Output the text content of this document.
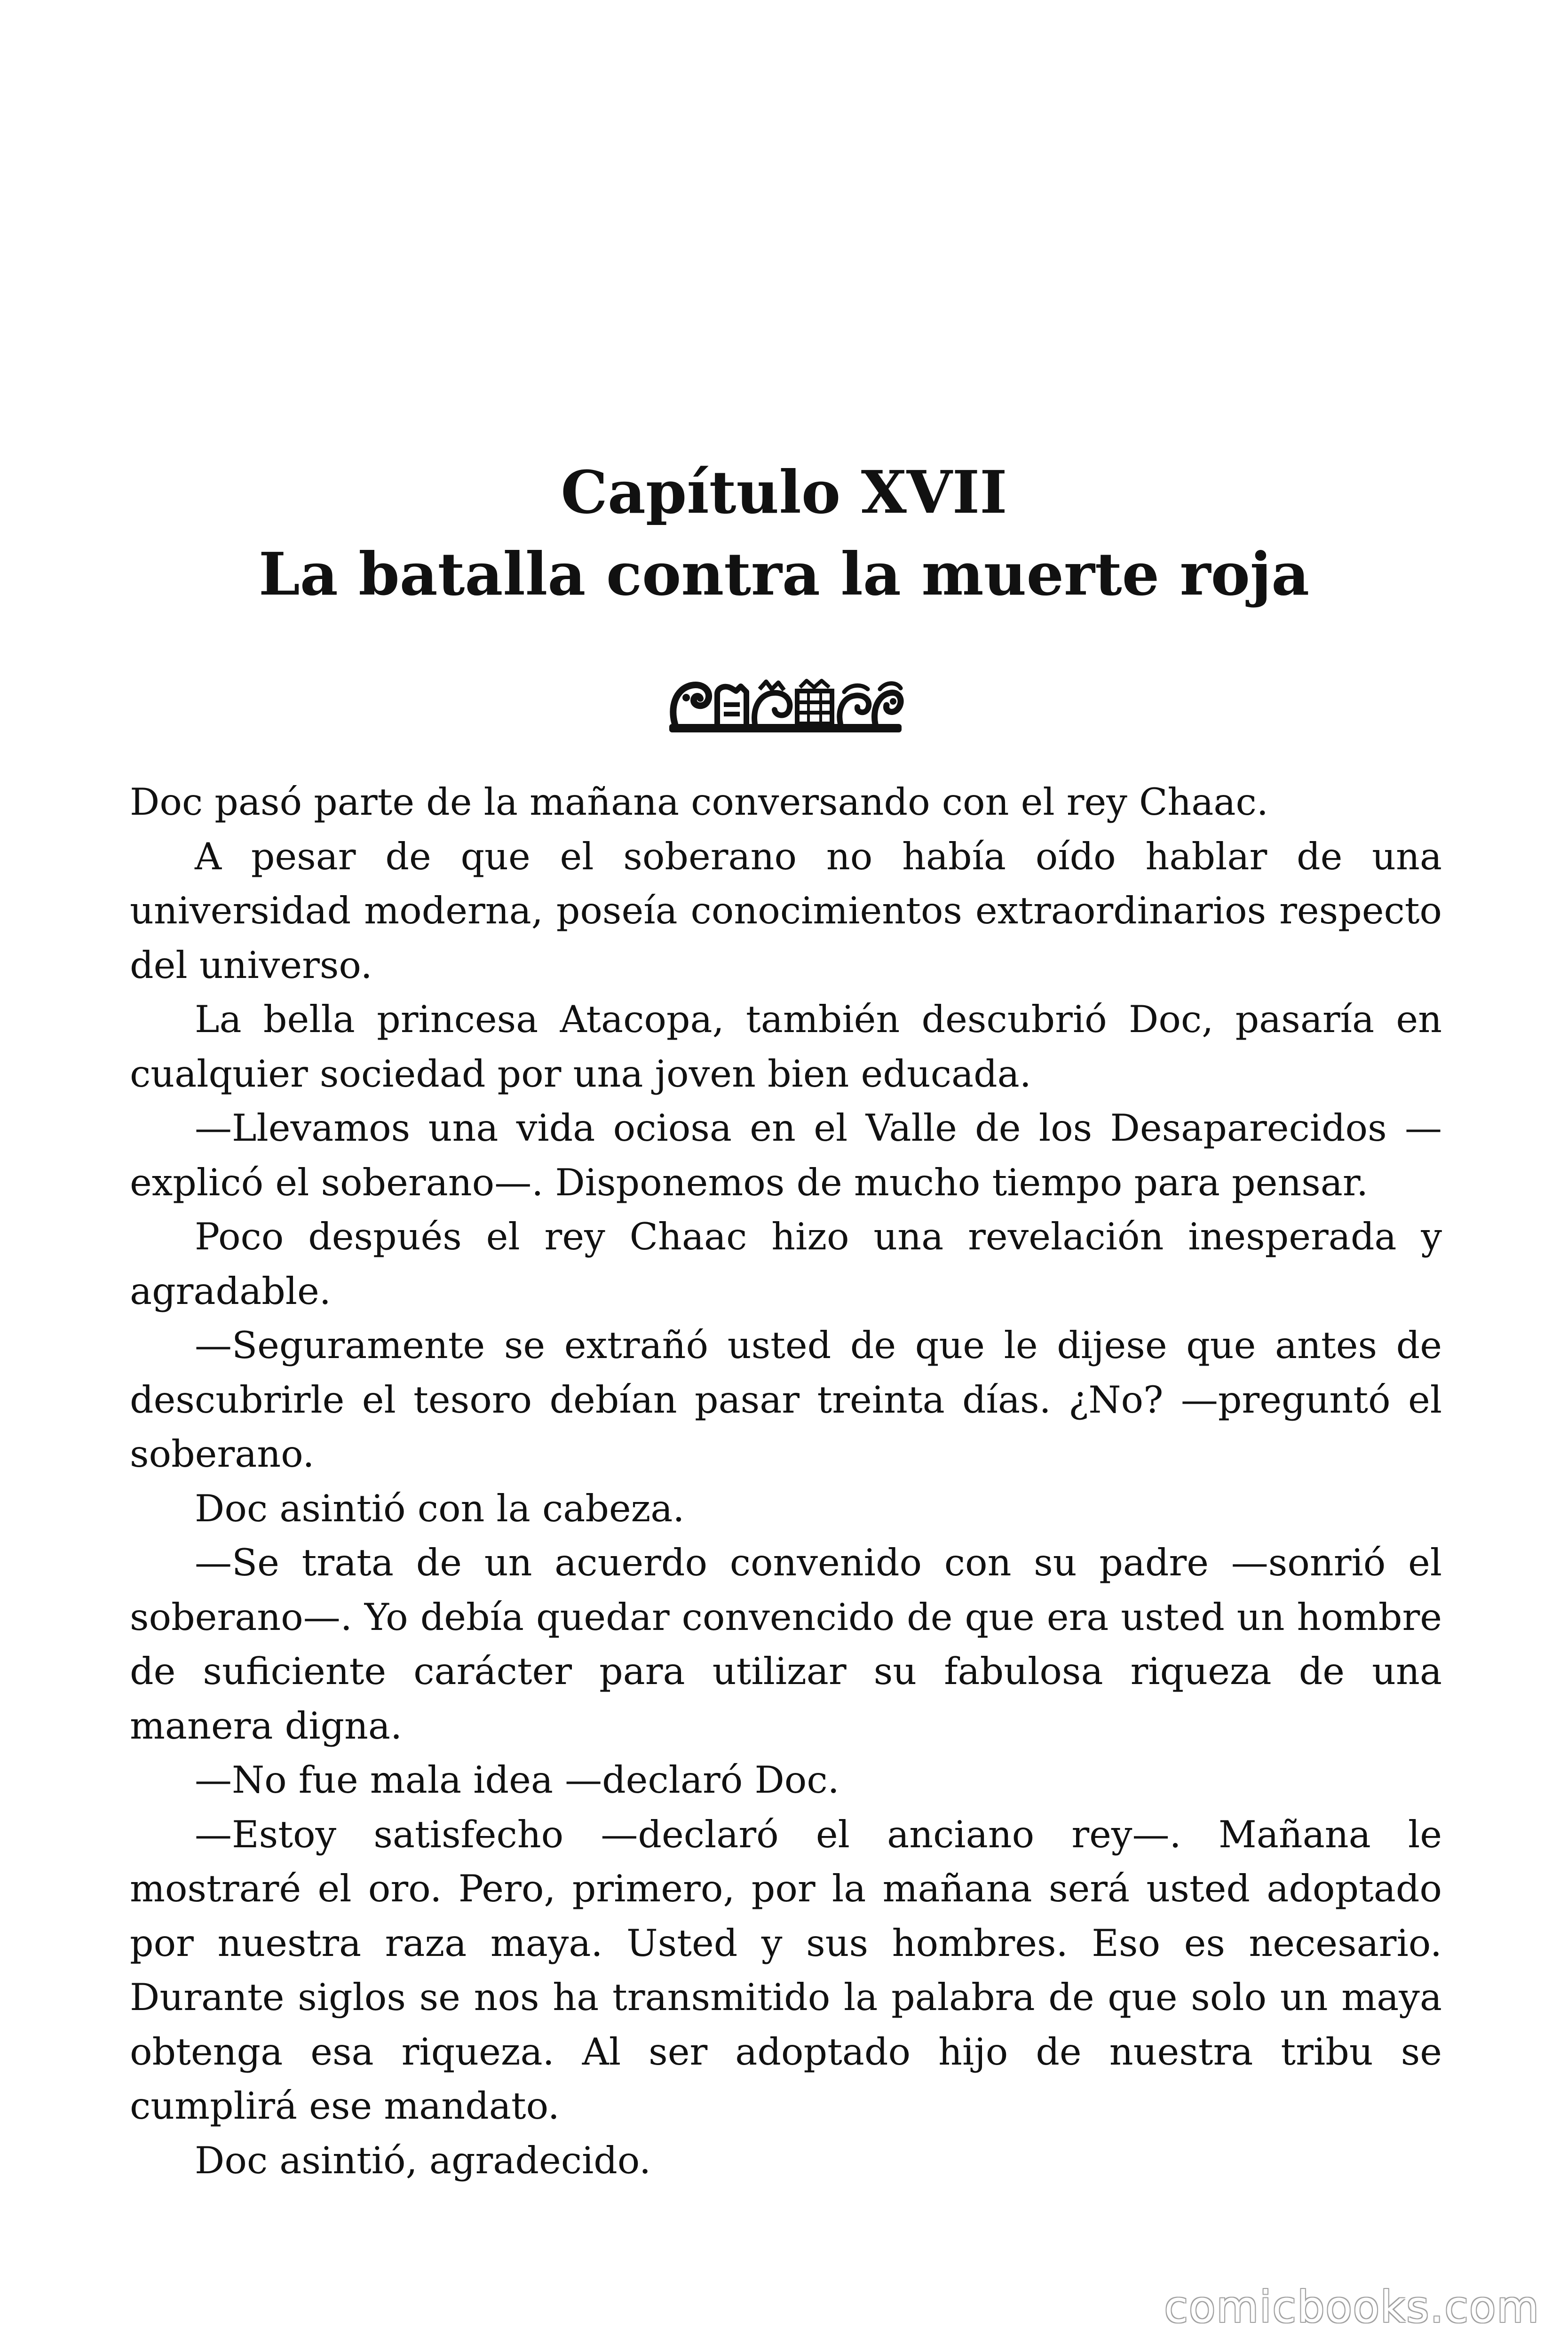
Capítulo XVII
La batalla contra la muerte roja

Doc pasó parte de la mañana conversando con el rey Chaac.

A pesar de que el soberano no había oído hablar de una universidad moderna, poseía conocimientos extraordinarios respecto del universo.

La bella princesa Atacopa, también descubrió Doc, pasaría en cualquier sociedad por una joven bien educada.

—Llevamos una vida ociosa en el Valle de los Desaparecidos —explicó el soberano—. Disponemos de mucho tiempo para pensar.

Poco después el rey Chaac hizo una revelación inesperada y agradable.

—Seguramente se extrañó usted de que le dijese que antes de descubrirle el tesoro debían pasar treinta días. ¿No? —preguntó el soberano.

Doc asintió con la cabeza.

—Se trata de un acuerdo convenido con su padre —sonrió el soberano—. Yo debía quedar convencido de que era usted un hombre de suficiente carácter para utilizar su fabulosa riqueza de una manera digna.

—No fue mala idea —declaró Doc.

—Estoy satisfecho —declaró el anciano rey—. Mañana le mostraré el oro. Pero, primero, por la mañana será usted adoptado por nuestra raza maya. Usted y sus hombres. Eso es necesario. Durante siglos se nos ha transmitido la palabra de que solo un maya obtenga esa riqueza. Al ser adoptado hijo de nuestra tribu se cumplirá ese mandato.

Doc asintió, agradecido.

comicbooks.com
